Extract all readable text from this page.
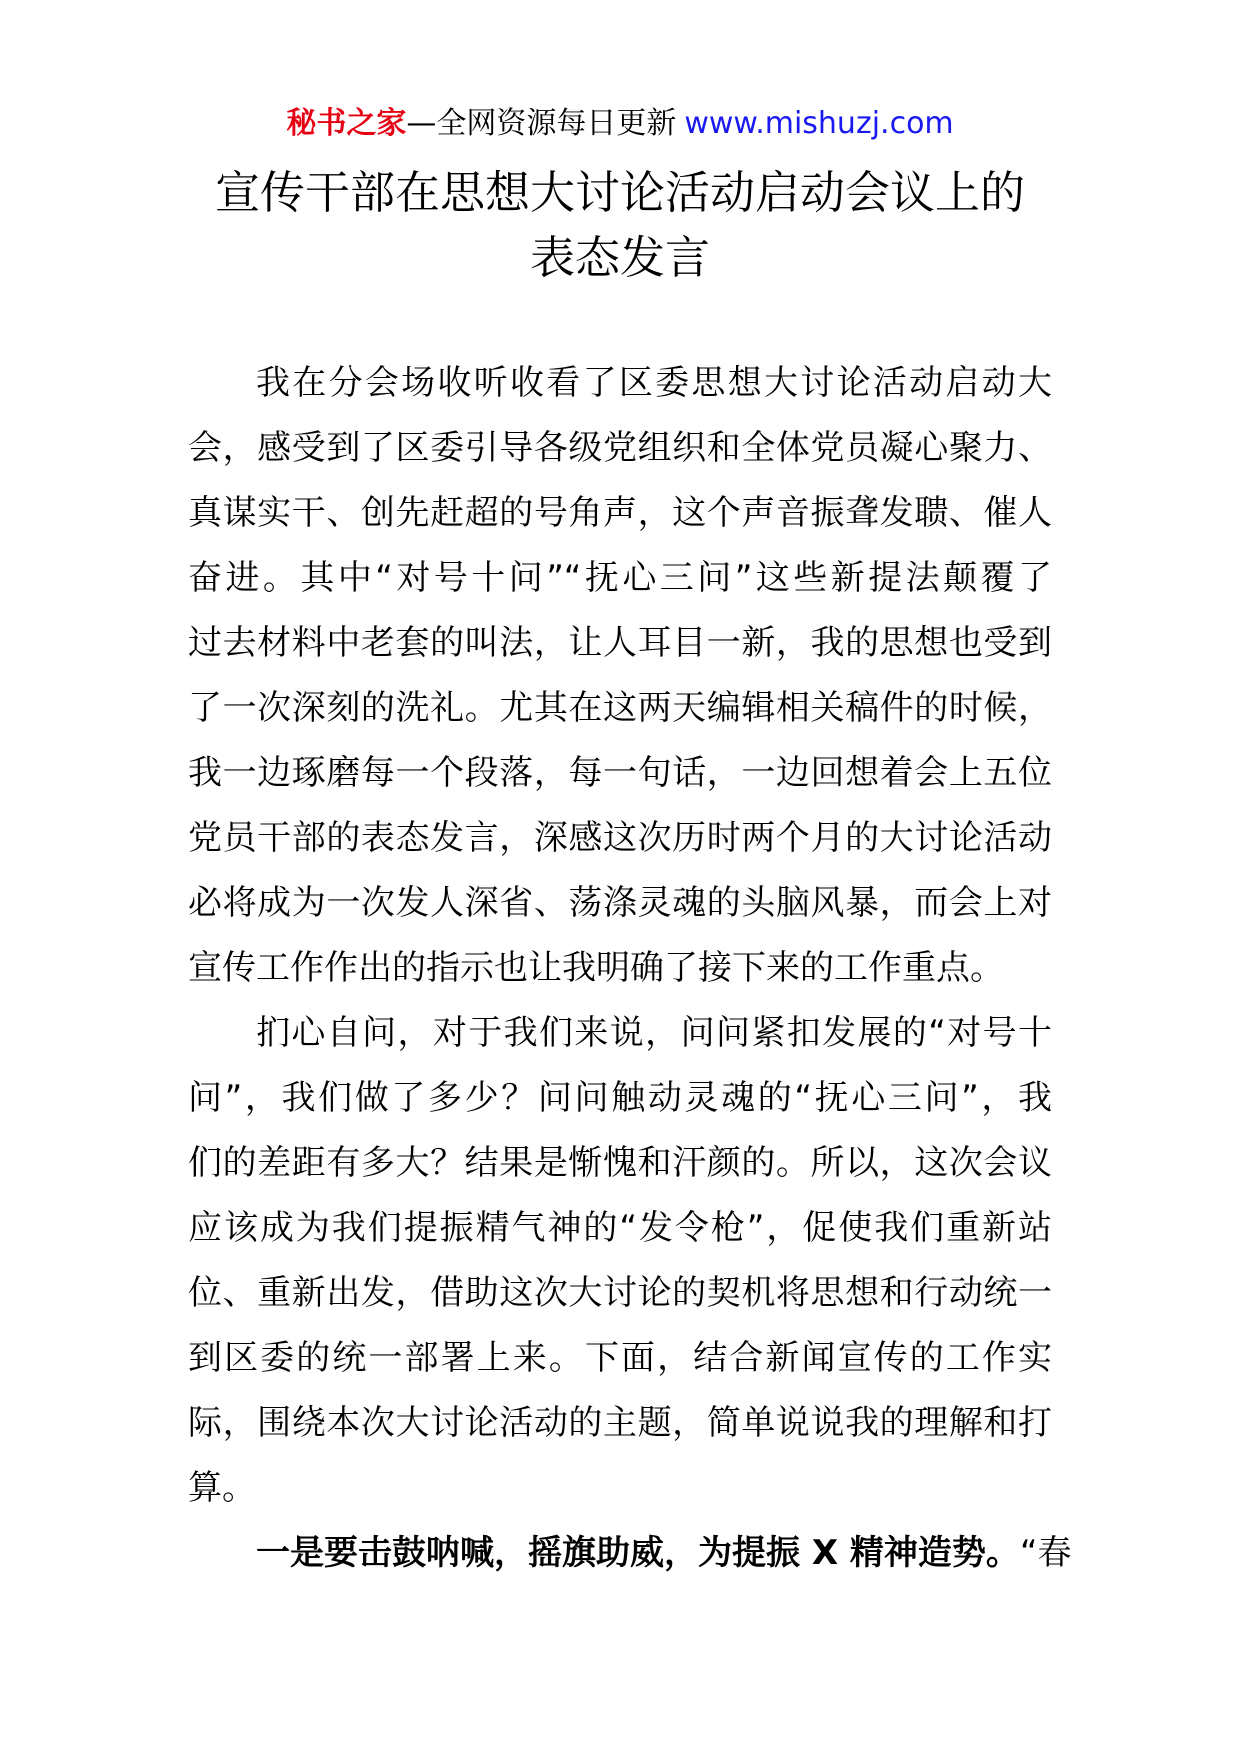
秘书之家—全网资源每日更新 www.mishuzj.com
宣传干部在思想大讨论活动启动会议上的
表态发言
我在分会场收听收看了区委思想大讨论活动启动大
会，感受到了区委引导各级党组织和全体党员凝心聚力、
真谋实干、创先赶超的号角声，这个声音振聋发聩、催人
奋进。其中“对号十问”“抚心三问”这些新提法颠覆了
过去材料中老套的叫法，让人耳目一新，我的思想也受到
了一次深刻的洗礼。尤其在这两天编辑相关稿件的时候，
我一边琢磨每一个段落，每一句话，一边回想着会上五位
党员干部的表态发言，深感这次历时两个月的大讨论活动
必将成为一次发人深省、荡涤灵魂的头脑风暴，而会上对
宣传工作作出的指示也让我明确了接下来的工作重点。
扪心自问，对于我们来说，问问紧扣发展的“对号十
问”，我们做了多少？问问触动灵魂的“抚心三问”，我
们的差距有多大？结果是惭愧和汗颜的。所以，这次会议
应该成为我们提振精气神的“发令枪”，促使我们重新站
位、重新出发，借助这次大讨论的契机将思想和行动统一
到区委的统一部署上来。下面，结合新闻宣传的工作实
际，围绕本次大讨论活动的主题，简单说说我的理解和打
算。
一是要击鼓呐喊，摇旗助威，为提振 X 精神造势。“春
